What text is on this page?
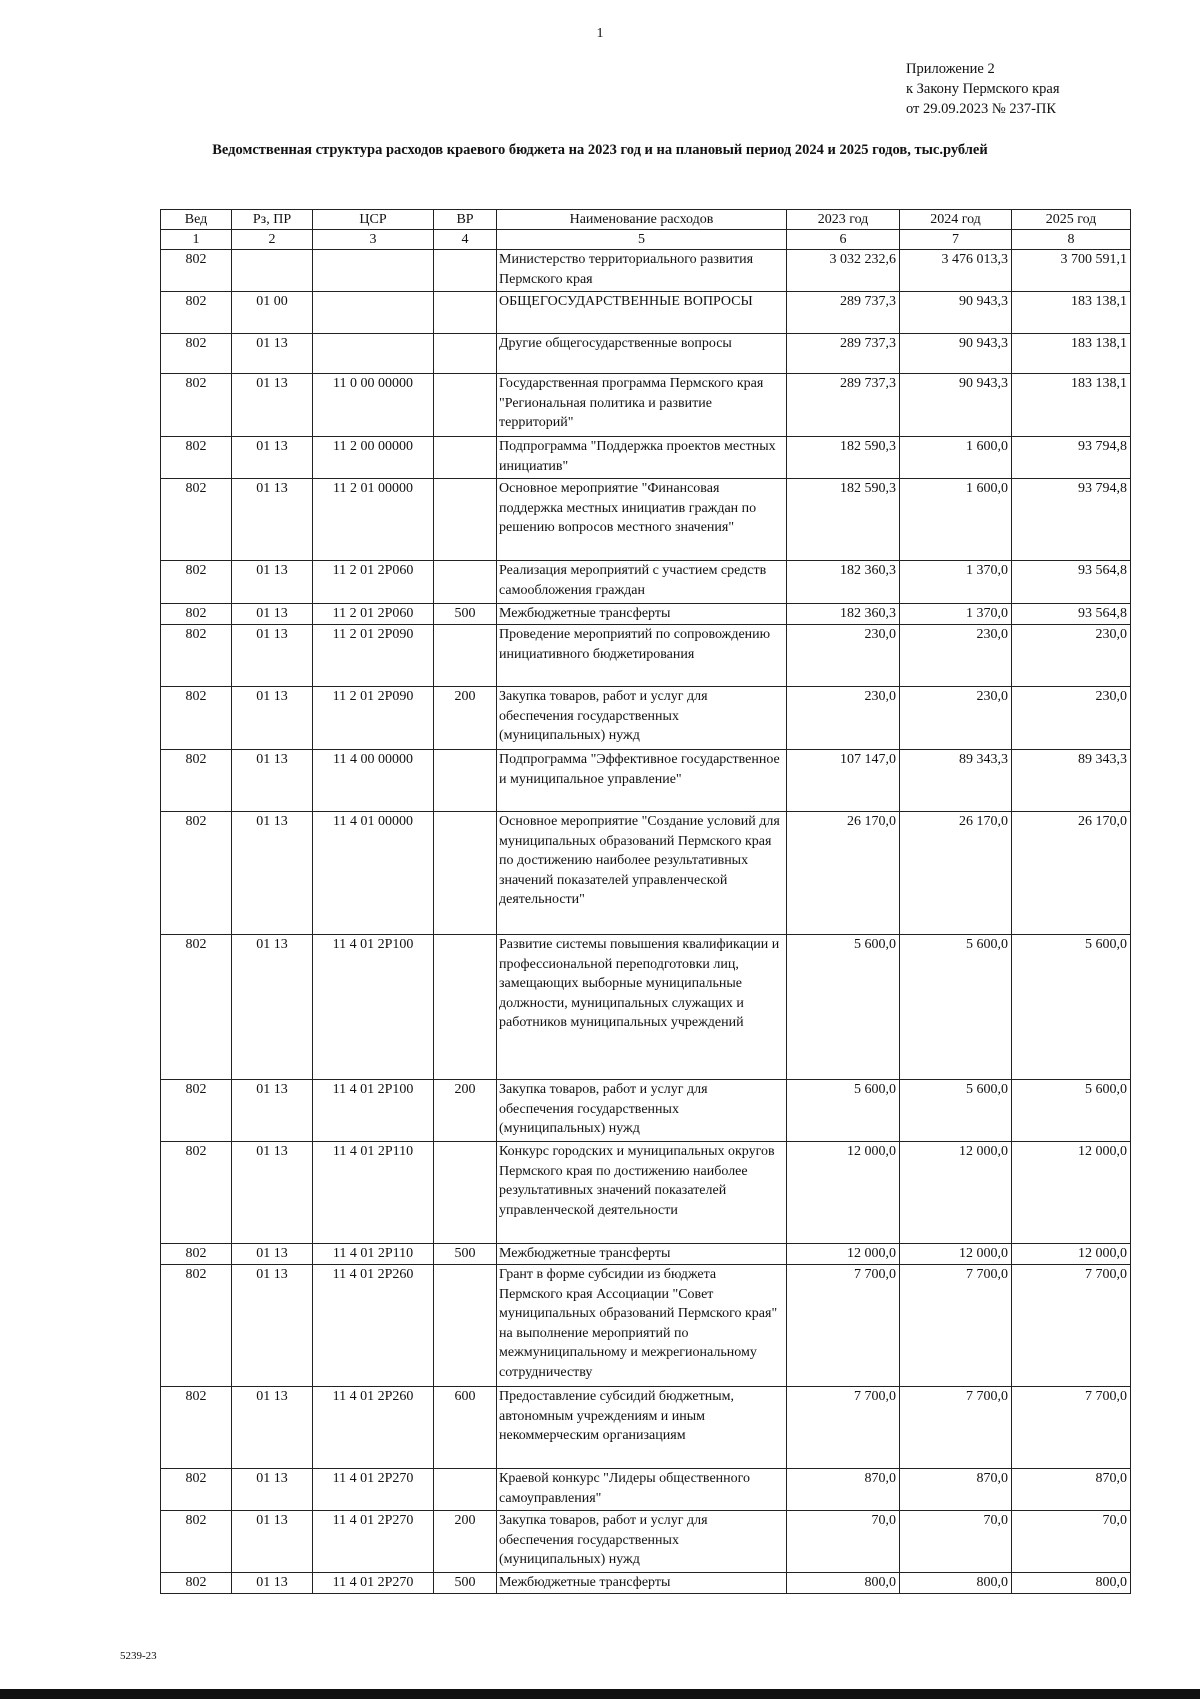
1
Приложение 2
к Закону Пермского края
от 29.09.2023 № 237-ПК
Ведомственная структура расходов краевого бюджета на 2023 год и на плановый период 2024 и 2025 годов, тыс.рублей
Вед	Рз, ПР	ЦСР	ВР	Наименование расходов	2023 год	2024 год	2025 год
1	2	3	4	5	6	7	8
802				Министерство территориального развития Пермского края	3 032 232,6	3 476 013,3	3 700 591,1
802	01 00			ОБЩЕГОСУДАРСТВЕННЫЕ ВОПРОСЫ	289 737,3	90 943,3	183 138,1
802	01 13			Другие общегосударственные вопросы	289 737,3	90 943,3	183 138,1
802	01 13	11 0 00 00000		Государственная программа Пермского края "Региональная политика и развитие территорий"	289 737,3	90 943,3	183 138,1
802	01 13	11 2 00 00000		Подпрограмма "Поддержка проектов местных инициатив"	182 590,3	1 600,0	93 794,8
802	01 13	11 2 01 00000		Основное мероприятие "Финансовая поддержка местных инициатив граждан по решению вопросов местного значения"	182 590,3	1 600,0	93 794,8
802	01 13	11 2 01 2Р060		Реализация мероприятий с участием средств самообложения граждан	182 360,3	1 370,0	93 564,8
802	01 13	11 2 01 2Р060	500	Межбюджетные трансферты	182 360,3	1 370,0	93 564,8
802	01 13	11 2 01 2Р090		Проведение мероприятий по сопровождению инициативного бюджетирования	230,0	230,0	230,0
802	01 13	11 2 01 2Р090	200	Закупка товаров, работ и услуг для обеспечения государственных (муниципальных) нужд	230,0	230,0	230,0
802	01 13	11 4 00 00000		Подпрограмма "Эффективное государственное и муниципальное управление"	107 147,0	89 343,3	89 343,3
802	01 13	11 4 01 00000		Основное мероприятие "Создание условий для муниципальных образований Пермского края по достижению наиболее результативных значений показателей управленческой деятельности"	26 170,0	26 170,0	26 170,0
802	01 13	11 4 01 2Р100		Развитие системы повышения квалификации и профессиональной переподготовки лиц, замещающих выборные муниципальные должности, муниципальных служащих и работников муниципальных учреждений	5 600,0	5 600,0	5 600,0
802	01 13	11 4 01 2Р100	200	Закупка товаров, работ и услуг для обеспечения государственных (муниципальных) нужд	5 600,0	5 600,0	5 600,0
802	01 13	11 4 01 2Р110		Конкурс городских и муниципальных округов Пермского края по достижению наиболее результативных значений показателей управленческой деятельности	12 000,0	12 000,0	12 000,0
802	01 13	11 4 01 2Р110	500	Межбюджетные трансферты	12 000,0	12 000,0	12 000,0
802	01 13	11 4 01 2Р260		Грант в форме субсидии из бюджета Пермского края Ассоциации "Совет муниципальных образований Пермского края" на выполнение мероприятий по межмуниципальному и межрегиональному сотрудничеству	7 700,0	7 700,0	7 700,0
802	01 13	11 4 01 2Р260	600	Предоставление субсидий бюджетным, автономным учреждениям и иным некоммерческим организациям	7 700,0	7 700,0	7 700,0
802	01 13	11 4 01 2Р270		Краевой конкурс "Лидеры общественного самоуправления"	870,0	870,0	870,0
802	01 13	11 4 01 2Р270	200	Закупка товаров, работ и услуг для обеспечения государственных (муниципальных) нужд	70,0	70,0	70,0
802	01 13	11 4 01 2Р270	500	Межбюджетные трансферты	800,0	800,0	800,0
5239-23
